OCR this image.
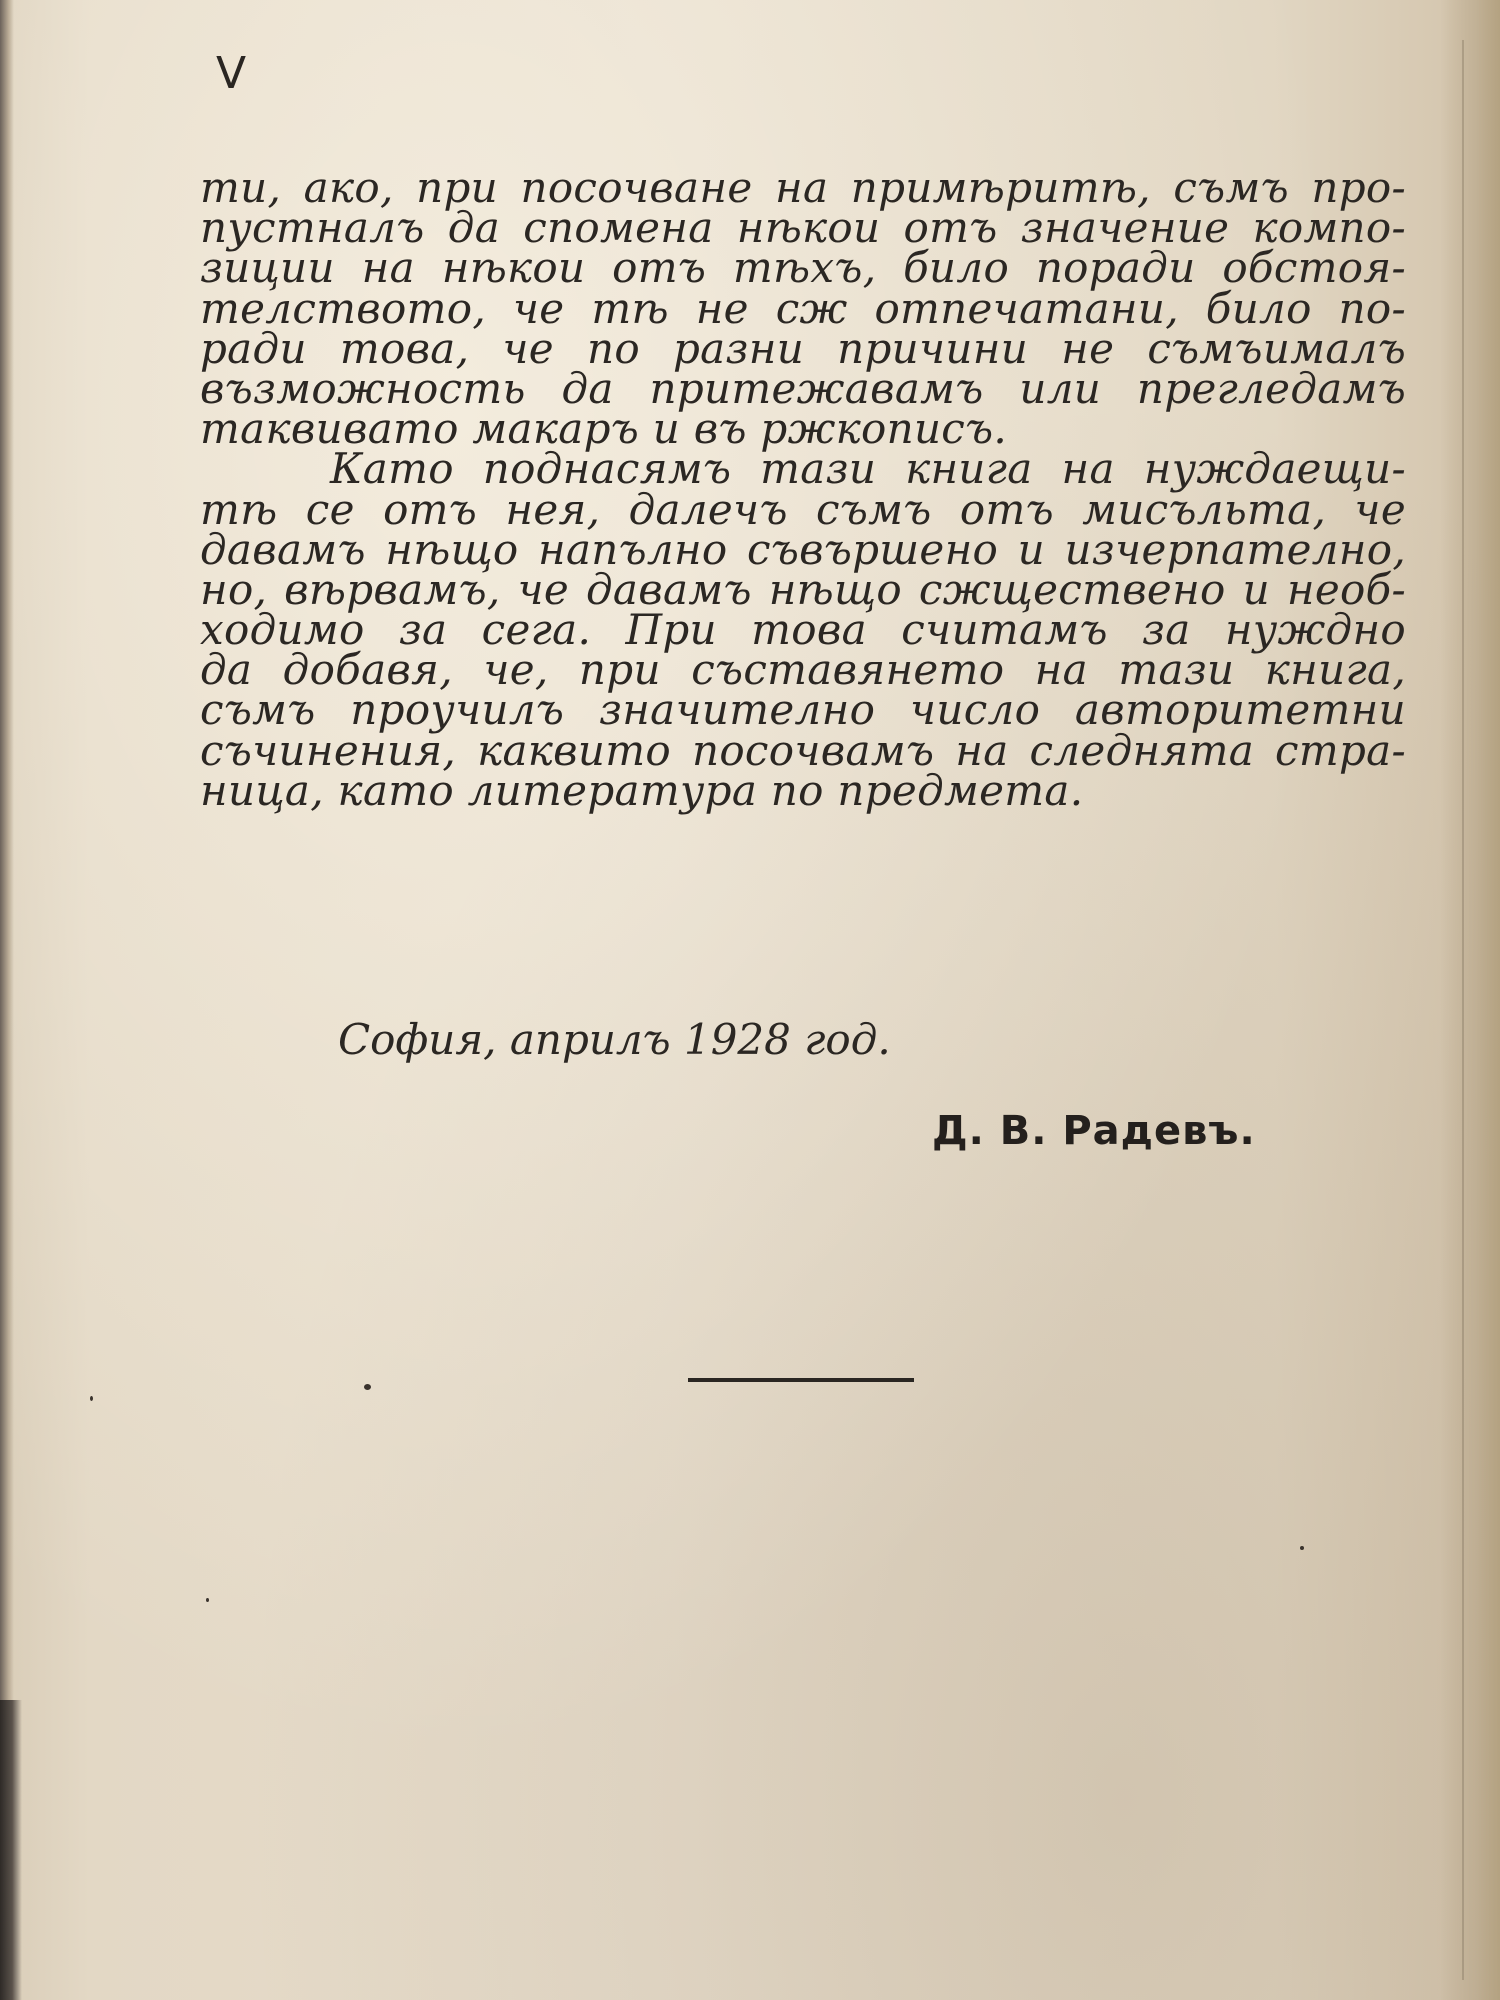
V
ти, ако, при посочване на примѣритѣ, съмъ про-
пустналъ да спомена нѣкои отъ значение компо-
зиции на нѣкои отъ тѣхъ, било поради обстоя-
телството, че тѣ не сж отпечатани, било по-
ради това, че по разни причини не съмъималъ
възможность да притежавамъ или прегледамъ
таквивато макаръ и въ ржкописъ.
Като поднасямъ тази книга на нуждаещи-
тѣ се отъ нея, далечъ съмъ отъ мисъльта, че
давамъ нѣщо напълно съвършено и изчерпателно,
но, вѣрвамъ, че давамъ нѣщо сжществено и необ-
ходимо за сега. При това считамъ за нуждно
да добавя, че, при съставянето на тази книга,
съмъ проучилъ значително число авторитетни
съчинения, каквито посочвамъ на следнята стра-
ница, като литература по предмета.
София, априлъ 1928 год.
Д. В. Радевъ.
